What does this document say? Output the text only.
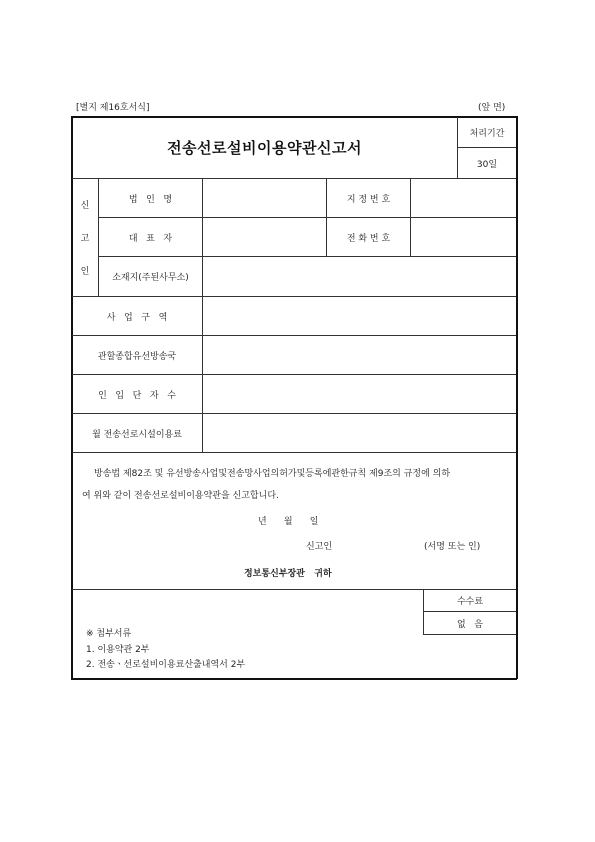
[별지 제16호서식]	(앞 면)
전송선로설비이용약관신고서
처리기간
30일
신
고
인
법   인   명	지 정 번 호
대   표   자	전 화 번 호
소재지(주된사무소)
사   업   구   역
관할종합유선방송국
인   입   단   자   수
월 전송선로시설이용료
방송법 제82조 및 유선방송사업및전송망사업의허가및등록에관한규칙 제9조의 규정에 의하
여 위와 같이 전송선로설비이용약관을 신고합니다.
년      월      일
신고인	(서명 또는 인)
정보통신부장관   귀하
수수료
없   음
※ 첨부서류
1. 이용약관 2부
2. 전송ㆍ선로설비이용료산출내역서 2부
